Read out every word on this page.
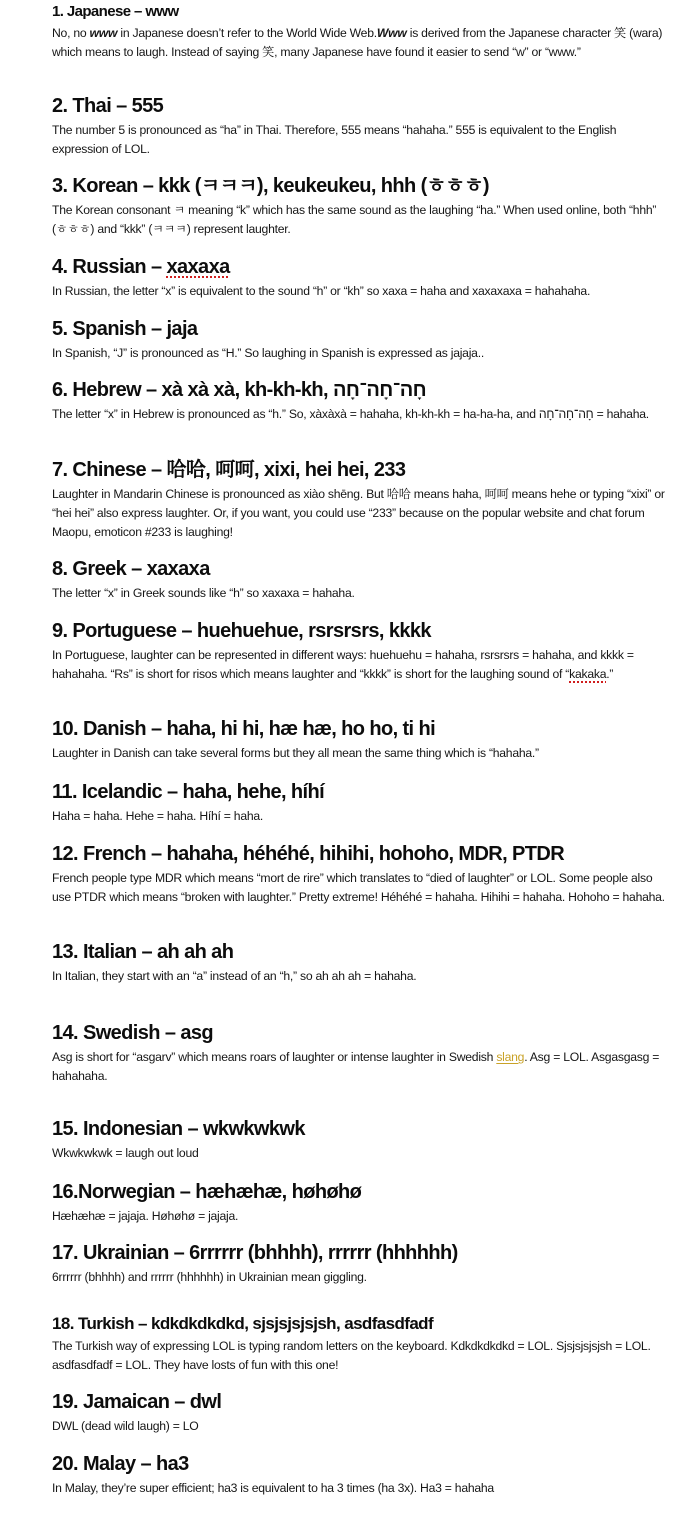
1. Japanese – www

No, no www in Japanese doesn’t refer to the World Wide Web.Www is derived from the Japanese character 笑 (wara) which means to laugh. Instead of saying 笑, many Japanese have found it easier to send “w” or “www.”

2. Thai – 555

The number 5 is pronounced as “ha” in Thai. Therefore, 555 means “hahaha.” 555 is equivalent to the English expression of LOL.

3. Korean – kkk (ㅋㅋㅋ), keukeukeu, hhh (ㅎㅎㅎ)

The Korean consonant ㅋ meaning “k” which has the same sound as the laughing “ha.” When used online, both “hhh” (ㅎㅎㅎ) and “kkk” (ㅋㅋㅋ) represent laughter.

4. Russian – xaxaxa

In Russian, the letter “x” is equivalent to the sound “h” or “kh” so xaxa = haha and xaxaxaxa = hahahaha.

5. Spanish – jaja

In Spanish, “J” is pronounced as “H.” So laughing in Spanish is expressed as jajaja..

6. Hebrew – xà xà xà, kh-kh-kh, חָה־חָה־חָה

The letter “x” in Hebrew is pronounced as “h.” So, xàxàxà = hahaha, kh-kh-kh = ha-ha-ha, and חָה־חָה־חָה = hahaha.

7. Chinese – 哈哈, 呵呵, xixi, hei hei, 233

Laughter in Mandarin Chinese is pronounced as xiào shēng. But 哈哈 means haha, 呵呵 means hehe or typing “xixi” or “hei hei” also express laughter. Or, if you want, you could use “233” because on the popular website and chat forum Maopu, emoticon #233 is laughing!

8. Greek – xaxaxa

The letter “x” in Greek sounds like “h” so xaxaxa = hahaha.

9. Portuguese – huehuehue, rsrsrsrs, kkkk

In Portuguese, laughter can be represented in different ways: huehuehu = hahaha, rsrsrsrs = hahaha, and kkkk = hahahaha. “Rs” is short for risos which means laughter and “kkkk” is short for the laughing sound of “kakaka.”

10. Danish – haha, hi hi, hæ hæ, ho ho, ti hi

Laughter in Danish can take several forms but they all mean the same thing which is “hahaha.”

11. Icelandic – haha, hehe, híhí

Haha = haha. Hehe = haha. Híhí = haha.

12. French – hahaha, héhéhé, hihihi, hohoho, MDR, PTDR

French people type MDR which means “mort de rire” which translates to “died of laughter” or LOL. Some people also use PTDR which means “broken with laughter.” Pretty extreme! Héhéhé = hahaha. Hihihi = hahaha. Hohoho = hahaha.

13. Italian – ah ah ah

In Italian, they start with an “a” instead of an “h,” so ah ah ah = hahaha.

14. Swedish – asg

Asg is short for “asgarv” which means roars of laughter or intense laughter in Swedish slang. Asg = LOL. Asgasgasg = hahahaha.

15. Indonesian – wkwkwkwk

Wkwkwkwk = laugh out loud

16.Norwegian – hæhæhæ, høhøhø

Hæhæhæ = jajaja. Høhøhø = jajaja.

17. Ukrainian – 6rrrrrr (bhhhh), rrrrrr (hhhhhh)

6rrrrrr (bhhhh) and rrrrrr (hhhhhh) in Ukrainian mean giggling.

18. Turkish – kdkdkdkdkd, sjsjsjsjsjsh, asdfasdfadf

The Turkish way of expressing LOL is typing random letters on the keyboard. Kdkdkdkdkd = LOL. Sjsjsjsjsjsh = LOL. asdfasdfadf = LOL. They have losts of fun with this one!

19. Jamaican – dwl

DWL (dead wild laugh) = LO

20. Malay – ha3

In Malay, they’re super efficient; ha3 is equivalent to ha 3 times (ha 3x). Ha3 = hahaha
